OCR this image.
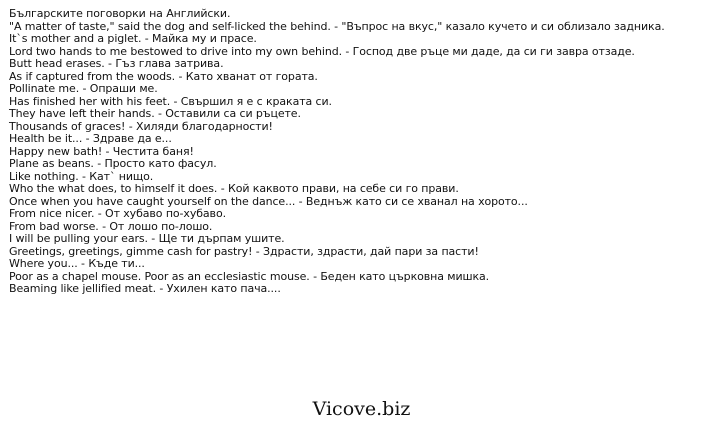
Българските поговорки на Английски.
"A matter of taste," said the dog and self-licked the behind. - "Въпрос на вкус," казало кучето и си облизало задника.
It`s mother and a piglet. - Майка му и прасе.
Lord two hands to me bestowed to drive into my own behind. - Господ две ръце ми даде, да си ги завра отзаде.
Butt head erases. - Гъз глава затрива.
As if captured from the woods. - Като хванат от гората.
Pollinate me. - Опраши ме.
Has finished her with his feet. - Свършил я е с краката си.
They have left their hands. - Оставили са си ръцете.
Thousands of graces! - Хиляди благодарности!
Health be it... - Здраве да е...
Happy new bath! - Честита баня!
Plane as beans. - Просто като фасул.
Like nothing. - Кат` нищо.
Who the what does, to himself it does. - Кой каквото прави, на себе си го прави.
Once when you have caught yourself on the dance... - Веднъж като си се хванал на хорото...
From nice nicer. - От хубаво по-хубаво.
From bad worse. - От лошо по-лошо.
I will be pulling your ears. - Ще ти дърпам ушите.
Greetings, greetings, gimme cash for pastry! - Здрасти, здрасти, дай пари за пасти!
Where you... - Къде ти...
Poor as a chapel mouse. Poor as an ecclesiastic mouse. - Беден като църковна мишка.
Beaming like jellified meat. - Ухилен като пача....
Vicove.biz
